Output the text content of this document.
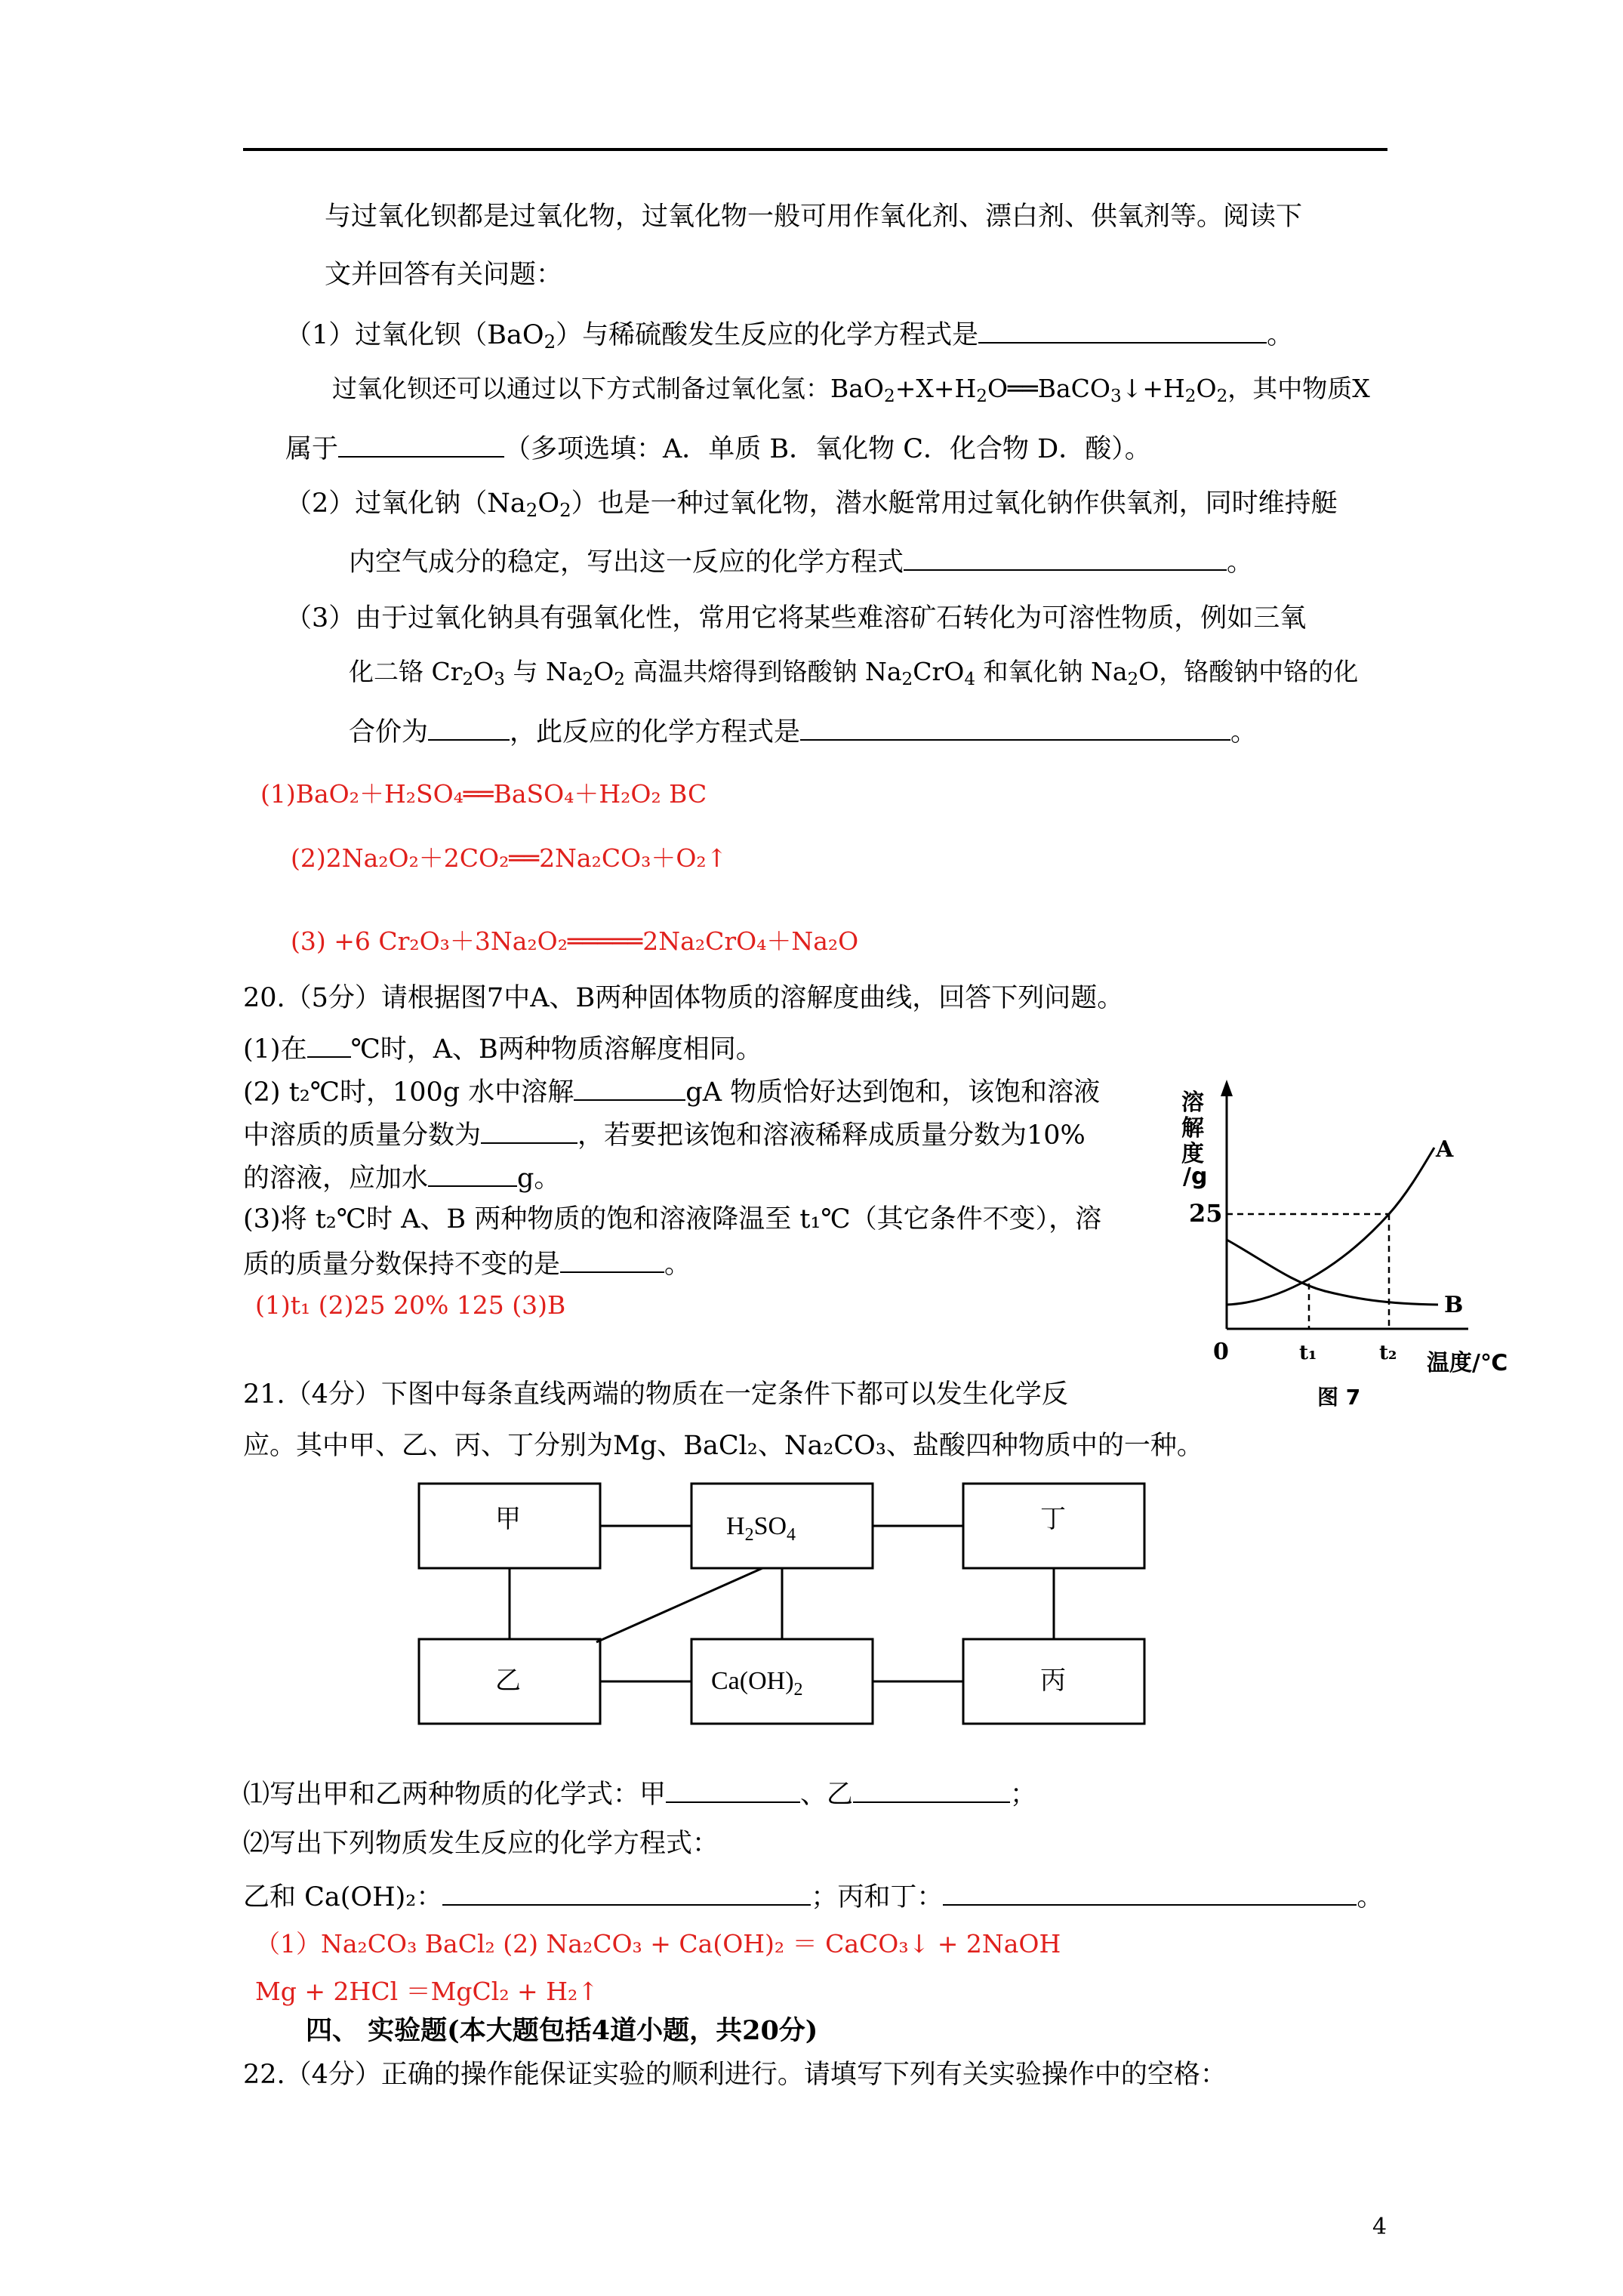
与过氧化钡都是过氧化物，过氧化物一般可用作氧化剂、漂白剂、供氧剂等。阅读下
文并回答有关问题：
（1）过氧化钡（BaO$_2$）与稀硫酸发生反应的化学方程式是	。
过氧化钡还可以通过以下方式制备过氧化氢：$BaO_2+X+H_2O══BaCO_3↓+H_2O_2$，其中物质X
属于	（多项选填：A．单质 B．氧化物 C．化合物 D．酸）。
（2）过氧化钠$(Na_2O_2)$也是一种过氧化物，潜水艇常用过氧化钠作供氧剂，同时维持艇
内空气成分的稳定，写出这一反应的化学方程式	。
（3）由于过氧化钠具有强氧化性，常用它将某些难溶矿石转化为可溶性物质，例如三氧
化二铬 $Cr_2O_3$ 与 $Na_2O_2$ 高温共熔得到铬酸钠 $Na_2CrO_4$ 和氧化钠 $Na_2O$，铬酸钠中铬的化
合价为	，此反应的化学方程式是	。
(1)BaO₂＋H₂SO₄══BaSO₄＋H₂O₂ BC
(2)2Na₂O₂＋2CO₂══2Na₂CO₃＋O₂↑
(3) +6 Cr₂O₃＋3Na₂O₂═════2Na₂CrO₄＋Na₂O
20.（5分）请根据图7中A、B两种固体物质的溶解度曲线，回答下列问题。
(1)在 ℃时，A、B两种物质溶解度相同。
(2) t₂℃时，100g 水中溶解	gA 物质恰好达到饱和，该饱和溶液
中溶质的质量分数为	，若要把该饱和溶液稀释成质量分数为10%
的溶液，应加水	g。
(3)将 t₂℃时 A、B 两种物质的饱和溶液降温至 t₁℃（其它条件不变），溶
质的质量分数保持不变的是	。
(1)t₁ (2)25 20% 125 (3)B
溶解度/g
25
A
B
0	t₁	t₂ 温度/℃
图 7
21.（4分）下图中每条直线两端的物质在一定条件下都可以发生化学反
应。其中甲、乙、丙、丁分别为Mg、BaCl₂、Na₂CO₃、盐酸四种物质中的一种。
甲	$H_2SO_4$
丁
乙	$Ca(OH)_2$	丙
⑴写出甲和乙两种物质的化学式：甲	、乙	；
⑵写出下列物质发生反应的化学方程式：
乙和 Ca(OH)₂：	；丙和丁：	。
（1）Na₂CO₃ BaCl₂ (2) Na₂CO₃ + Ca(OH)₂ ＝ CaCO₃↓ + 2NaOH
Mg + 2HCl ＝MgCl₂ + H₂↑
四、 实验题(本大题包括4道小题，共20分)
22.（4分）正确的操作能保证实验的顺利进行。请填写下列有关实验操作中的空格：
4
